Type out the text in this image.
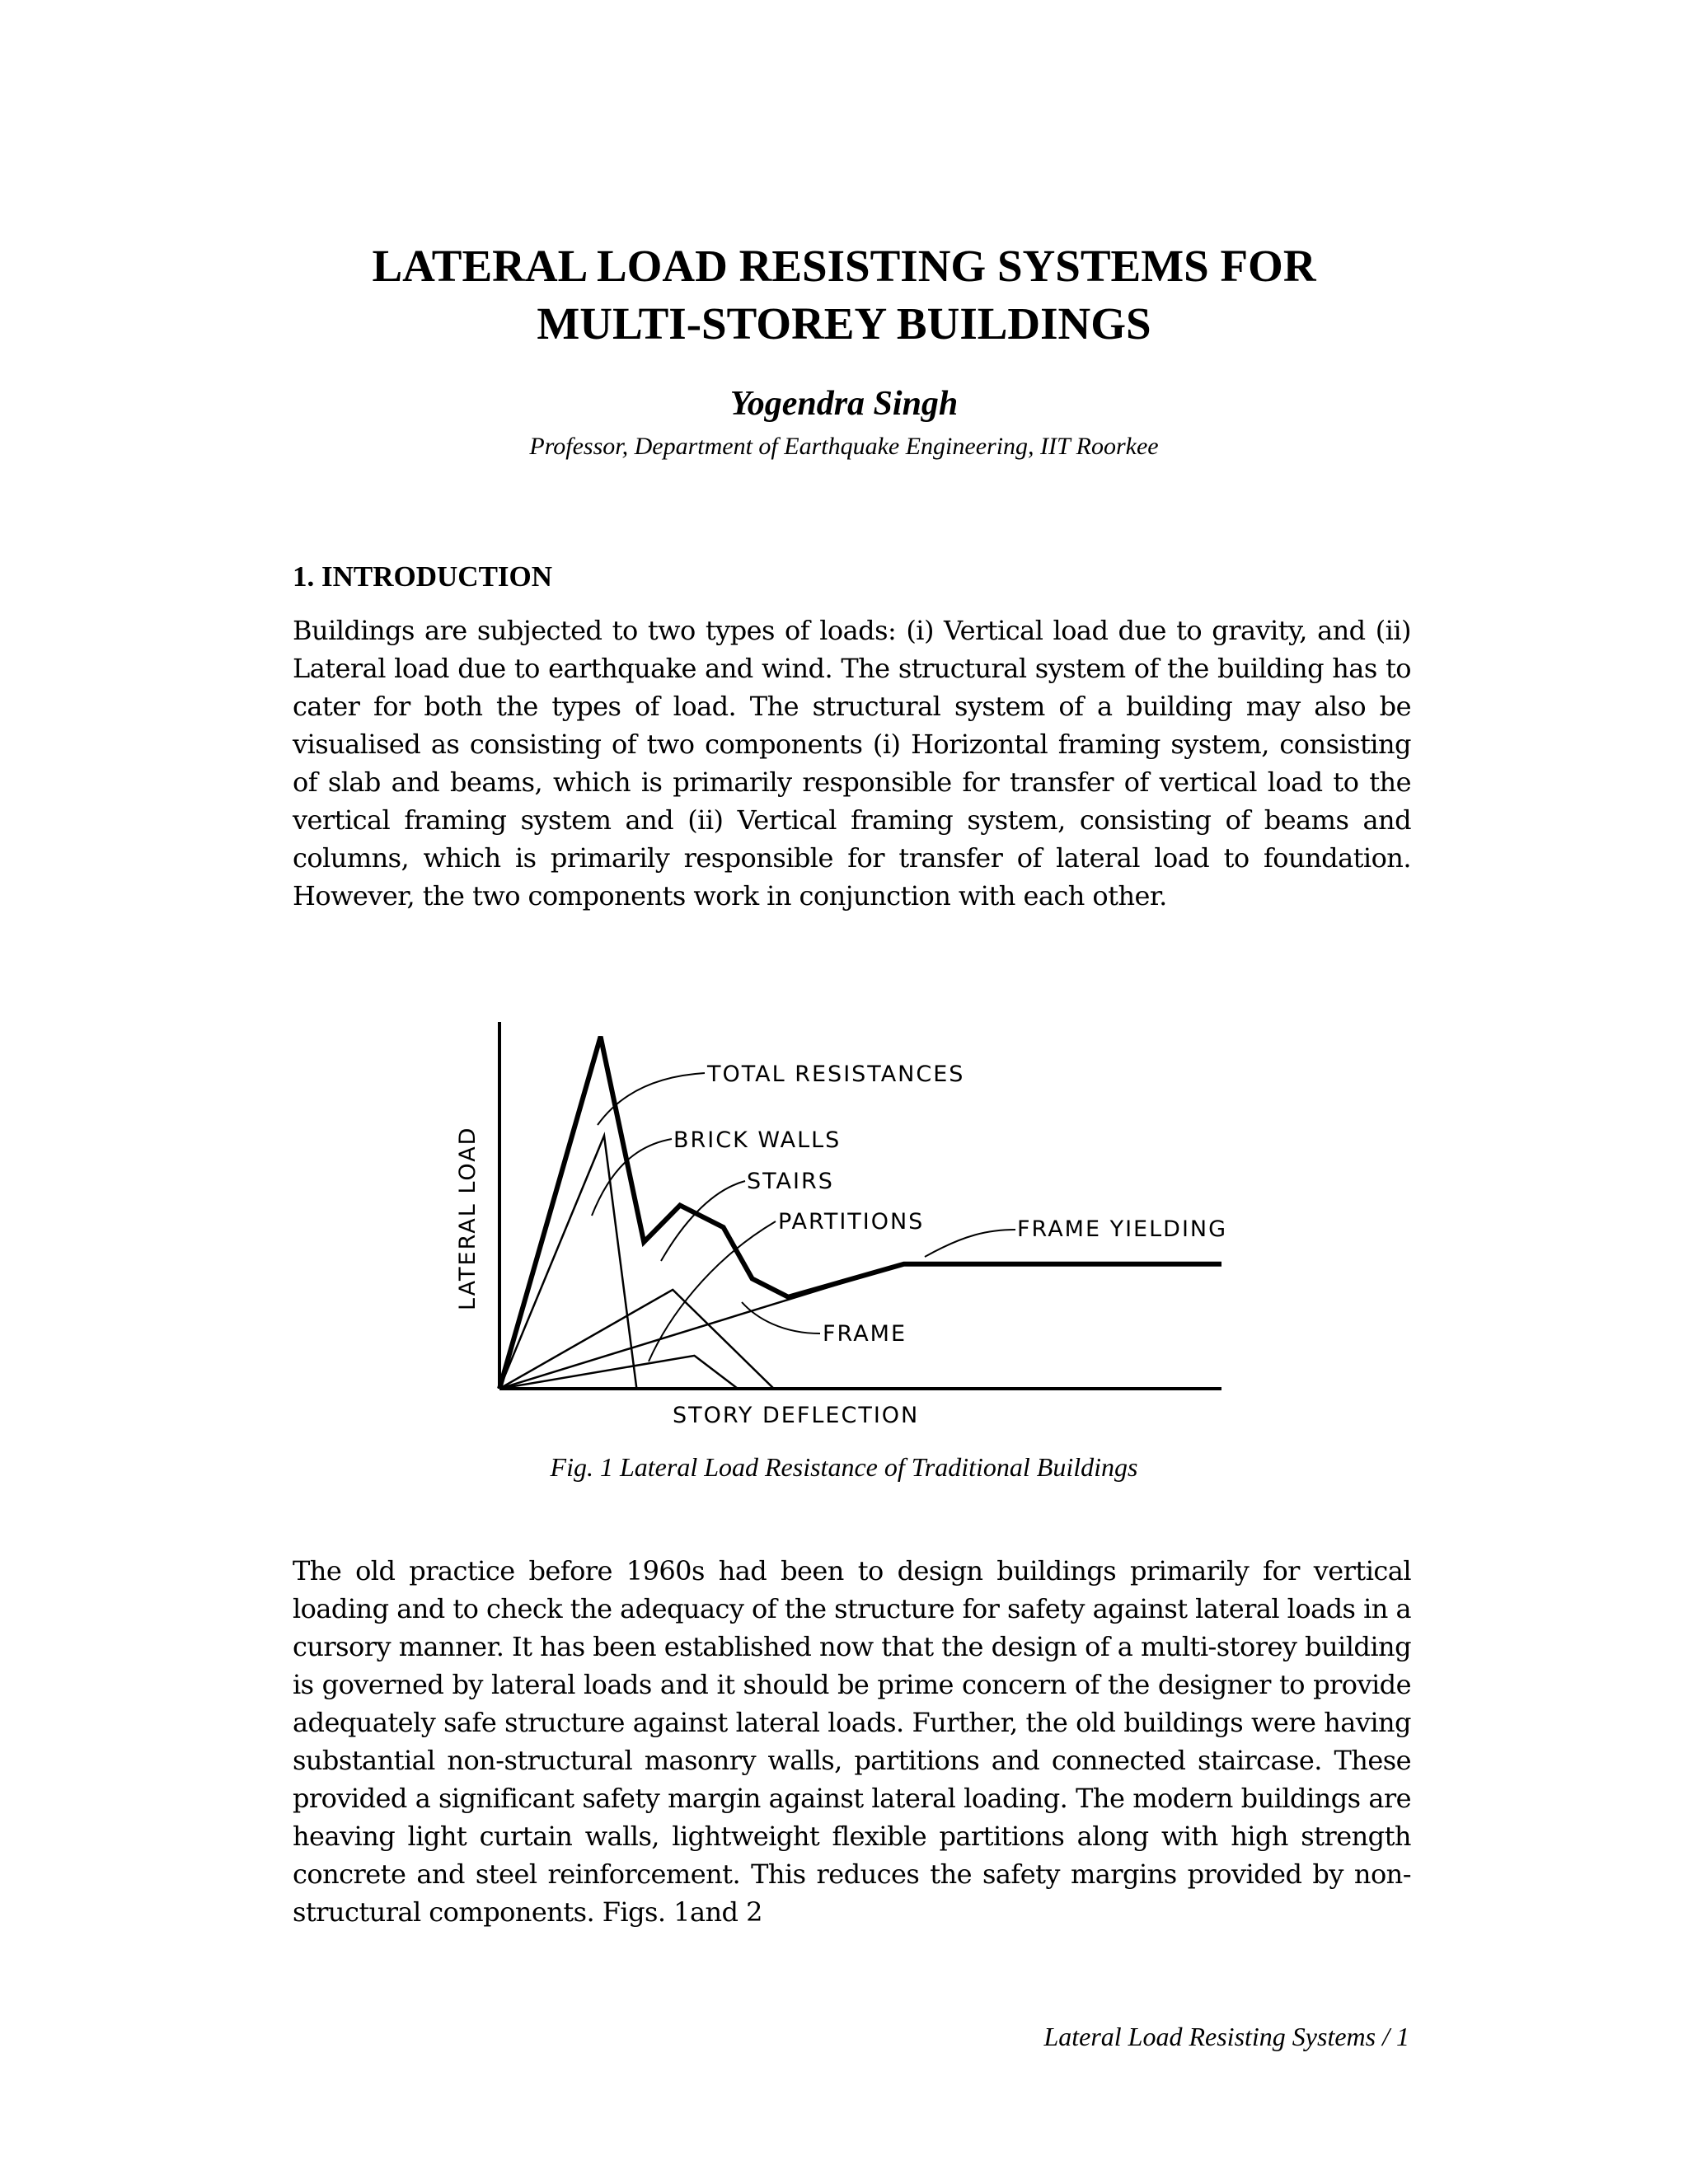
LATERAL LOAD RESISTING SYSTEMS FOR
MULTI-STOREY BUILDINGS

Yogendra Singh

Professor, Department of Earthquake Engineering, IIT Roorkee

1. INTRODUCTION

Buildings are subjected to two types of loads: (i) Vertical load due to gravity, and (ii) Lateral load due to earthquake and wind. The structural system of the building has to cater for both the types of load. The structural system of a building may also be visualised as consisting of two components (i) Horizontal framing system, consisting of slab and beams, which is primarily responsible for transfer of vertical load to the vertical framing system and (ii) Vertical framing system, consisting of beams and columns, which is primarily responsible for transfer of lateral load to foundation. However, the two components work in conjunction with each other.

LATERAL LOAD
STORY DEFLECTION
TOTAL RESISTANCES
BRICK WALLS
STAIRS
PARTITIONS	FRAME YIELDING
FRAME

Fig. 1 Lateral Load Resistance of Traditional Buildings

The old practice before 1960s had been to design buildings primarily for vertical loading and to check the adequacy of the structure for safety against lateral loads in a cursory manner. It has been established now that the design of a multi-storey building is governed by lateral loads and it should be prime concern of the designer to provide adequately safe structure against lateral loads. Further, the old buildings were having substantial non-structural masonry walls, partitions and connected staircase. These provided a significant safety margin against lateral loading. The modern buildings are heaving light curtain walls, lightweight flexible partitions along with high strength concrete and steel reinforcement. This reduces the safety margins provided by non-structural components. Figs. 1and 2

Lateral Load Resisting Systems / 1
